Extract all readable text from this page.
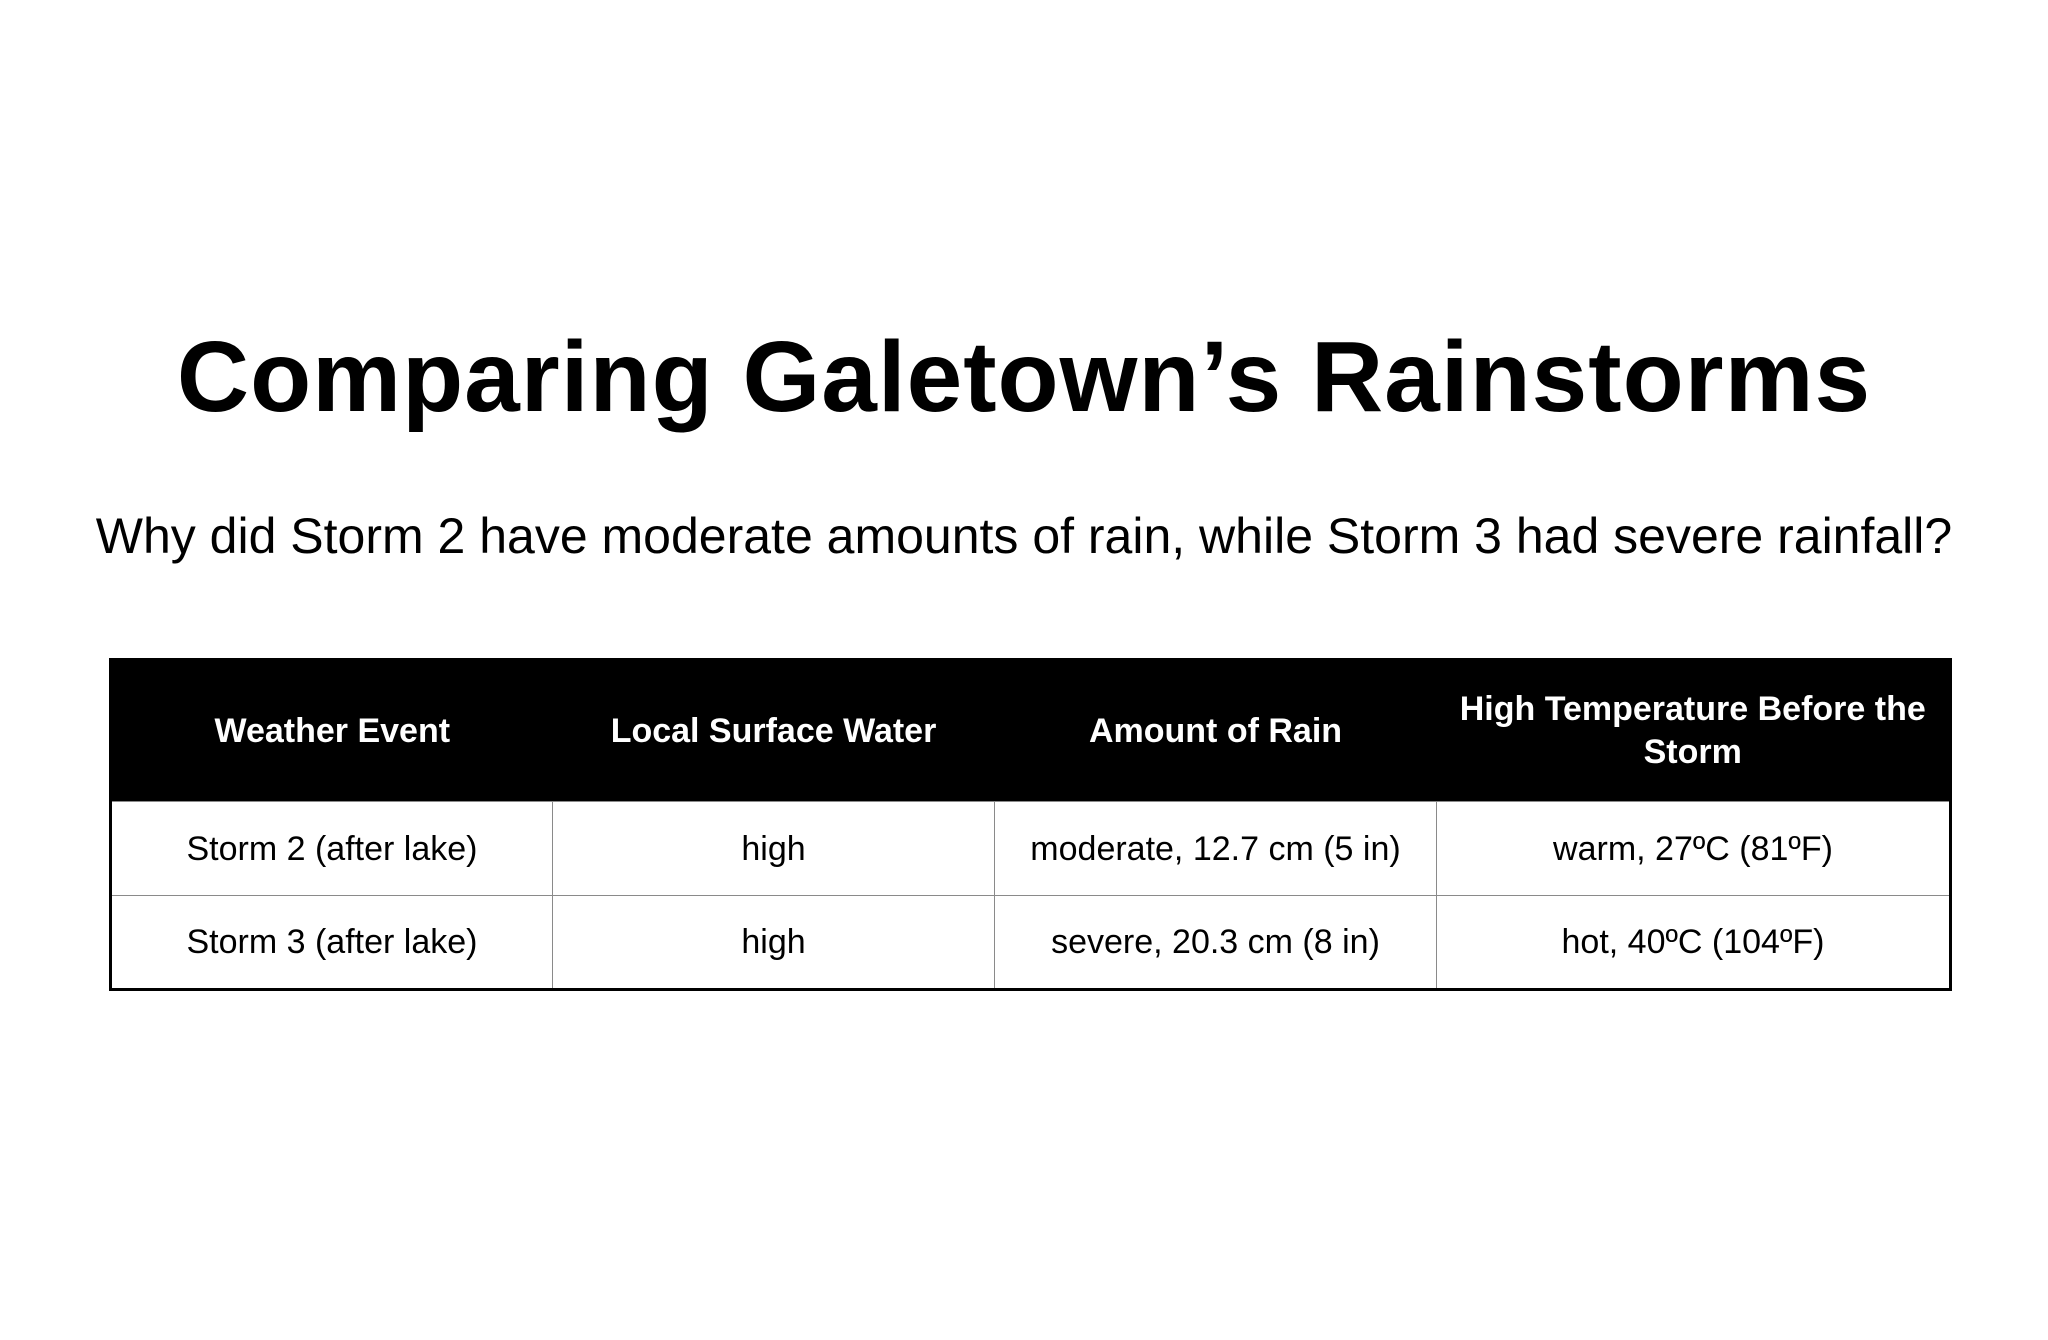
Comparing Galetown’s Rainstorms

Why did Storm 2 have moderate amounts of rain, while Storm 3 had severe rainfall?

Weather Event	Local Surface Water	Amount of Rain	High Temperature Before the Storm
Storm 2 (after lake)	high	moderate, 12.7 cm (5 in)	warm, 27ºC (81ºF)
Storm 3 (after lake)	high	severe, 20.3 cm (8 in)	hot, 40ºC (104ºF)
